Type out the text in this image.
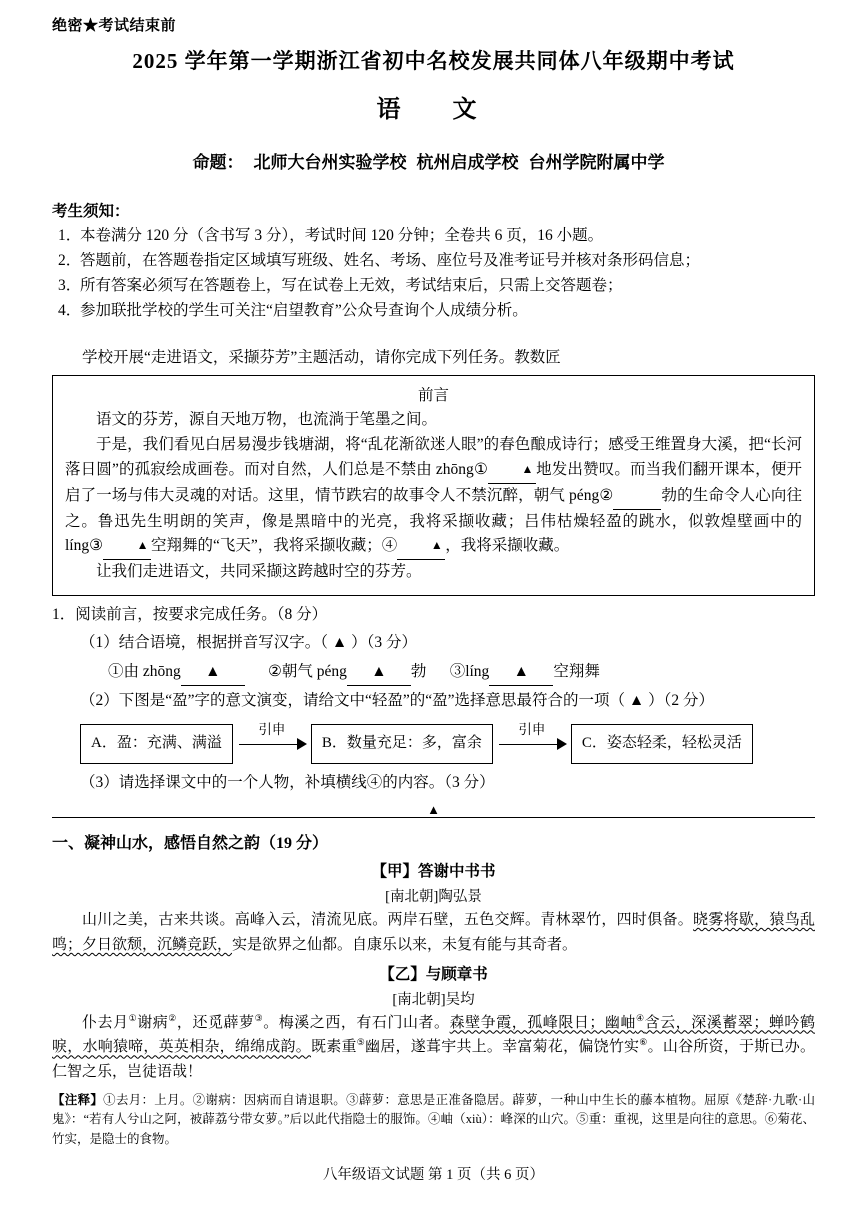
绝密★考试结束前
2025 学年第一学期浙江省初中名校发展共同体八年级期中考试
语　文
命题： 北师大台州实验学校 杭州启成学校 台州学院附属中学
考生须知：
1．
本卷满分 120 分（含书写 3 分），考试时间 120 分钟；全卷共 6 页，16 小题。
2．
答题前，在答题卷指定区域填写班级、姓名、考场、座位号及准考证号并核对条形码信息；
3．
所有答案必须写在答题卷上，写在试卷上无效，考试结束后，只需上交答题卷；
4．
参加联批学校的学生可关注“启望教育”公众号查询个人成绩分析。
学校开展“走进语文，采撷芬芳”主题活动，请你完成下列任务。教数匠
前言

语文的芬芳，源自天地万物，也流淌于笔墨之间。

于是，我们看见白居易漫步钱塘湖，将“乱花渐欲迷人眼”的春色酿成诗行；感受王维置身大溪，把“长河落日圆”的孤寂绘成画卷。而对自然，人们总是不禁由 zhōng①	▲ 地发出赞叹。而当我们翻开课本，便开启了一场与伟大灵魂的对话。这里，情节跌宕的故事令人不禁沉醉，朝气 péng②	勃的生命令人心向往之。鲁迅先生明朗的笑声，像是黑暗中的光亮，我将采撷收藏；吕伟枯燥轻盈的跳水，似敦煌壁画中的 líng③	▲ 空翔舞的“飞天”，我将采撷收藏；④	▲ ，我将采撷收藏。

让我们走进语文，共同采撷这跨越时空的芬芳。

1．阅读前言，按要求完成任务。（8 分）
（1）结合语境，根据拼音写汉字。（ ▲ ）（3 分）
①由 zhōng ▲	②朝气 péng ▲ 勃 ③líng ▲ 空翔舞
（2）下图是“盈”字的意文演变，请给文中“轻盈”的“盈”选择意思最符合的一项（ ▲ ）（2 分）
A．盈：充满、满溢
引申
B．数量充足：多，富余
引申
C．姿态轻柔，轻松灵活
（3）请选择课文中的一个人物，补填横线④的内容。（3 分）
▲
一、凝神山水，感悟自然之韵（19 分）
【甲】答谢中书书
[南北朝]陶弘景

山川之美，古来共谈。高峰入云，清流见底。两岸石壁，五色交辉。青林翠竹，四时俱备。晓雾将歇，猿鸟乱鸣；夕日欲颓，沉鳞竞跃，实是欲界之仙都。自康乐以来，未复有能与其奇者。

【乙】与顾章书
[南北朝]吴均

仆去月①谢病②，还觅薜萝③。梅溪之西，有石门山者。森壁争霞，孤峰限日；幽岫④含云，深溪蓄翠；蝉吟鹤唳，水响猿啼，英英相杂，绵绵成韵。既素重⑤幽居，遂葺宇共上。幸富菊花，偏饶竹实⑥。山谷所资，于斯已办。仁智之乐，岂徒语哉！

【注释】①去月：上月。②谢病：因病而自请退职。③薜萝：意思是正准备隐居。薜萝，一种山中生长的藤本植物。屈原《楚辞·九歌·山鬼》：“若有人兮山之阿，被薜荔兮带女萝。”后以此代指隐士的服饰。④岫（xiù）：峰深的山穴。⑤重：重视，这里是向往的意思。⑥菊花、竹实，是隐士的食物。
八年级语文试题 第 1 页（共 6 页）
